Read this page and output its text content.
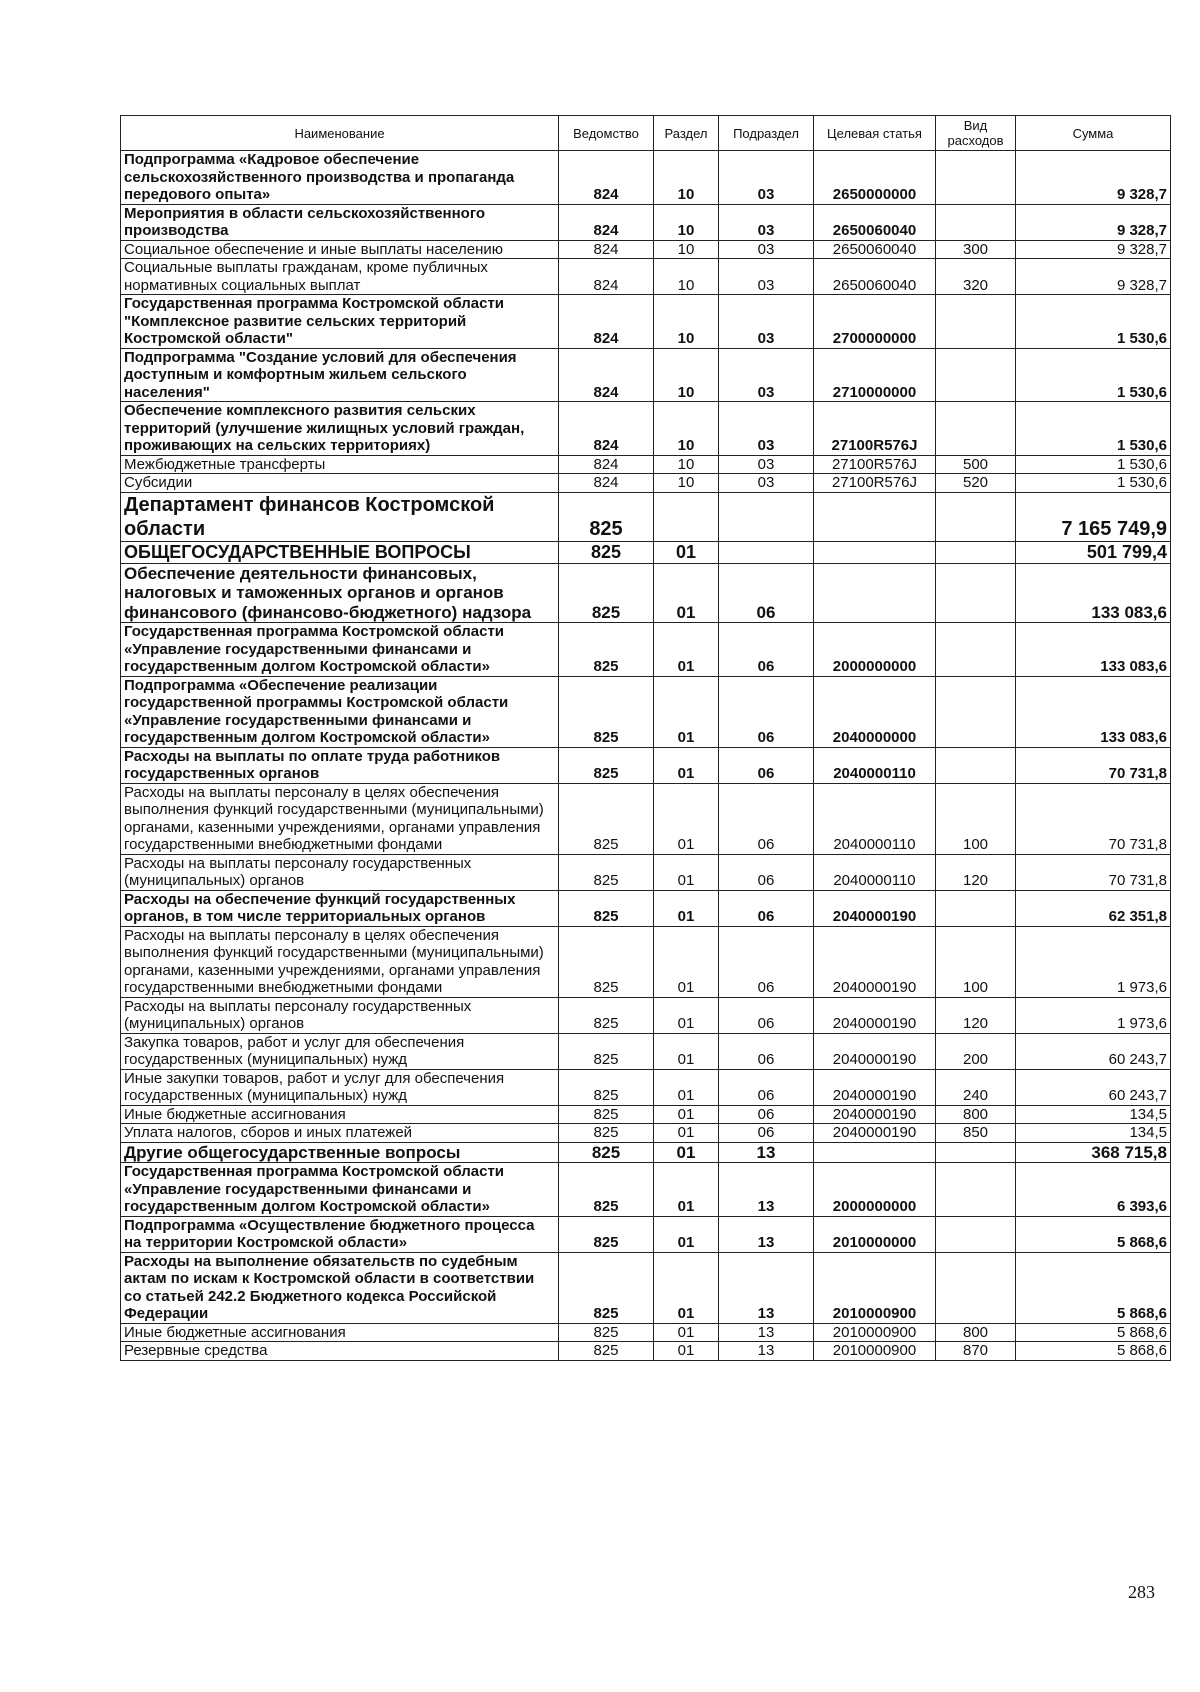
Наименование	Ведомство	Раздел	Подраздел	Целевая статья	Вид расходов	Сумма
Подпрограмма «Кадровое обеспечение сельскохозяйственного производства и пропаганда передового опыта»	824	10	03	2650000000		9 328,7
Мероприятия в области сельскохозяйственного производства	824	10	03	2650060040		9 328,7
Социальное обеспечение и иные выплаты населению	824	10	03	2650060040	300	9 328,7
Социальные выплаты гражданам, кроме публичных нормативных социальных выплат	824	10	03	2650060040	320	9 328,7
Государственная программа Костромской области "Комплексное развитие сельских территорий Костромской области"	824	10	03	2700000000		1 530,6
Подпрограмма "Создание условий для обеспечения доступным и комфортным жильем сельского населения"	824	10	03	2710000000		1 530,6
Обеспечение комплексного развития сельских территорий (улучшение жилищных условий граждан, проживающих на сельских территориях)	824	10	03	27100R576J		1 530,6
Межбюджетные трансферты	824	10	03	27100R576J	500	1 530,6
Субсидии	824	10	03	27100R576J	520	1 530,6
Департамент финансов Костромской области	825					7 165 749,9
ОБЩЕГОСУДАРСТВЕННЫЕ ВОПРОСЫ	825	01				501 799,4
Обеспечение деятельности финансовых, налоговых и таможенных органов и органов финансового (финансово-бюджетного) надзора	825	01	06			133 083,6
Государственная программа Костромской области «Управление государственными финансами и государственным долгом Костромской области»	825	01	06	2000000000		133 083,6
Подпрограмма «Обеспечение реализации государственной программы Костромской области «Управление государственными финансами и государственным долгом Костромской области»	825	01	06	2040000000		133 083,6
Расходы на выплаты по оплате труда работников государственных органов	825	01	06	2040000110		70 731,8
Расходы на выплаты персоналу в целях обеспечения выполнения функций государственными (муниципальными) органами, казенными учреждениями, органами управления государственными внебюджетными фондами	825	01	06	2040000110	100	70 731,8
Расходы на выплаты персоналу государственных (муниципальных) органов	825	01	06	2040000110	120	70 731,8
Расходы на обеспечение функций государственных органов, в том числе территориальных органов	825	01	06	2040000190		62 351,8
Расходы на выплаты персоналу в целях обеспечения выполнения функций государственными (муниципальными) органами, казенными учреждениями, органами управления государственными внебюджетными фондами	825	01	06	2040000190	100	1 973,6
Расходы на выплаты персоналу государственных (муниципальных) органов	825	01	06	2040000190	120	1 973,6
Закупка товаров, работ и услуг для обеспечения государственных (муниципальных) нужд	825	01	06	2040000190	200	60 243,7
Иные закупки товаров, работ и услуг для обеспечения государственных (муниципальных) нужд	825	01	06	2040000190	240	60 243,7
Иные бюджетные ассигнования	825	01	06	2040000190	800	134,5
Уплата налогов, сборов и иных платежей	825	01	06	2040000190	850	134,5
Другие общегосударственные вопросы	825	01	13			368 715,8
Государственная программа Костромской области «Управление государственными финансами и государственным долгом Костромской области»	825	01	13	2000000000		6 393,6
Подпрограмма «Осуществление бюджетного процесса на территории Костромской области»	825	01	13	2010000000		5 868,6
Расходы на выполнение обязательств по судебным актам по искам к Костромской области в соответствии со статьей 242.2 Бюджетного кодекса Российской Федерации	825	01	13	2010000900		5 868,6
Иные бюджетные ассигнования	825	01	13	2010000900	800	5 868,6
Резервные средства	825	01	13	2010000900	870	5 868,6
283
